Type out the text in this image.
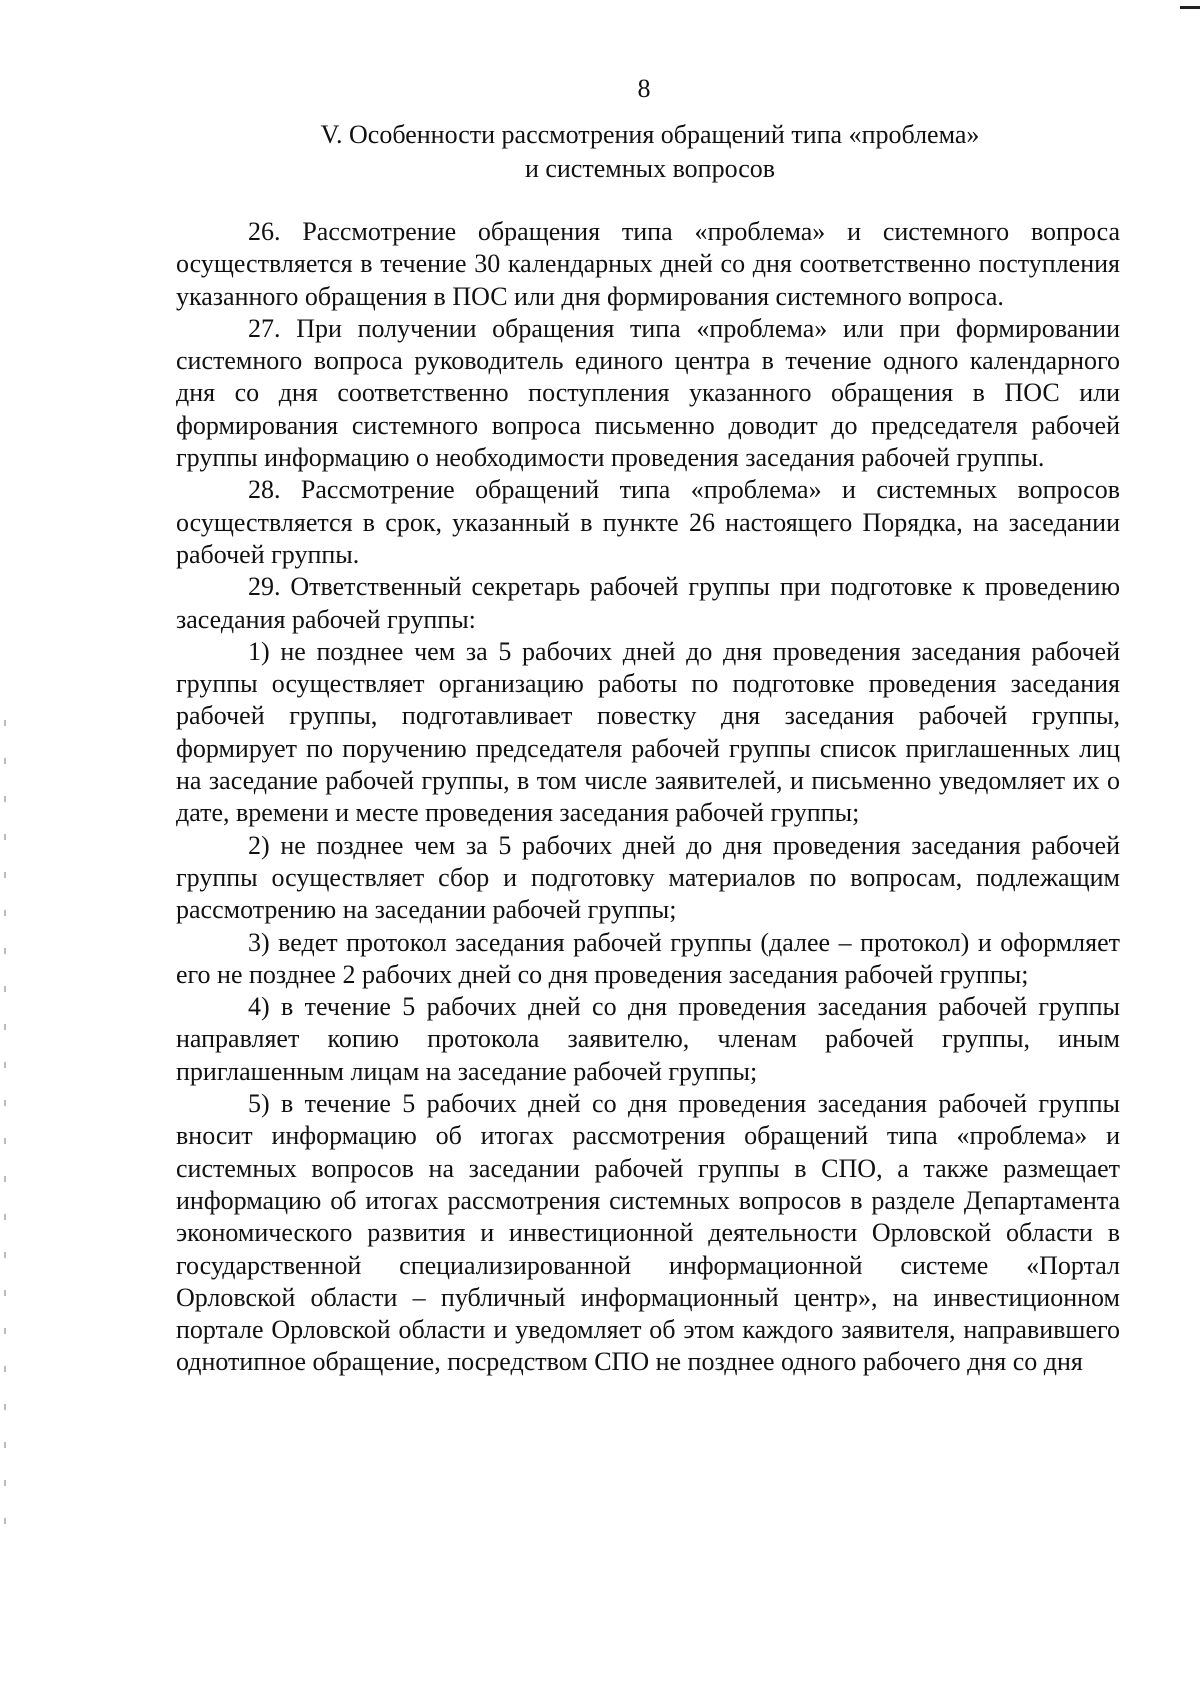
8
V. Особенности рассмотрения обращений типа «проблема»
и системных вопросов

26. Рассмотрение обращения типа «проблема» и системного вопроса осуществляется в течение 30 календарных дней со дня соответственно поступления указанного обращения в ПОС или дня формирования системного вопроса.

27. При получении обращения типа «проблема» или при формировании системного вопроса руководитель единого центра в течение одного календарного дня со дня соответственно поступления указанного обращения в ПОС или формирования системного вопроса письменно доводит до председателя рабочей группы информацию о необходимости проведения заседания рабочей группы.

28. Рассмотрение обращений типа «проблема» и системных вопросов осуществляется в срок, указанный в пункте 26 настоящего Порядка, на заседании рабочей группы.

29. Ответственный секретарь рабочей группы при подготовке к проведению заседания рабочей группы:

1) не позднее чем за 5 рабочих дней до дня проведения заседания рабочей группы осуществляет организацию работы по подготовке проведения заседания рабочей группы, подготавливает повестку дня заседания рабочей группы, формирует по поручению председателя рабочей группы список приглашенных лиц на заседание рабочей группы, в том числе заявителей, и письменно уведомляет их о дате, времени и месте проведения заседания рабочей группы;

2) не позднее чем за 5 рабочих дней до дня проведения заседания рабочей группы осуществляет сбор и подготовку материалов по вопросам, подлежащим рассмотрению на заседании рабочей группы;

3) ведет протокол заседания рабочей группы (далее – протокол) и оформляет его не позднее 2 рабочих дней со дня проведения заседания рабочей группы;

4) в течение 5 рабочих дней со дня проведения заседания рабочей группы направляет копию протокола заявителю, членам рабочей группы, иным приглашенным лицам на заседание рабочей группы;

5) в течение 5 рабочих дней со дня проведения заседания рабочей группы вносит информацию об итогах рассмотрения обращений типа «проблема» и системных вопросов на заседании рабочей группы в СПО, а также размещает информацию об итогах рассмотрения системных вопросов в разделе Департамента экономического развития и инвестиционной деятельности Орловской области в государственной специализированной информационной системе «Портал Орловской области – публичный информационный центр», на инвестиционном портале Орловской области и уведомляет об этом каждого заявителя, направившего однотипное обращение, посредством СПО не позднее одного рабочего дня со дня
